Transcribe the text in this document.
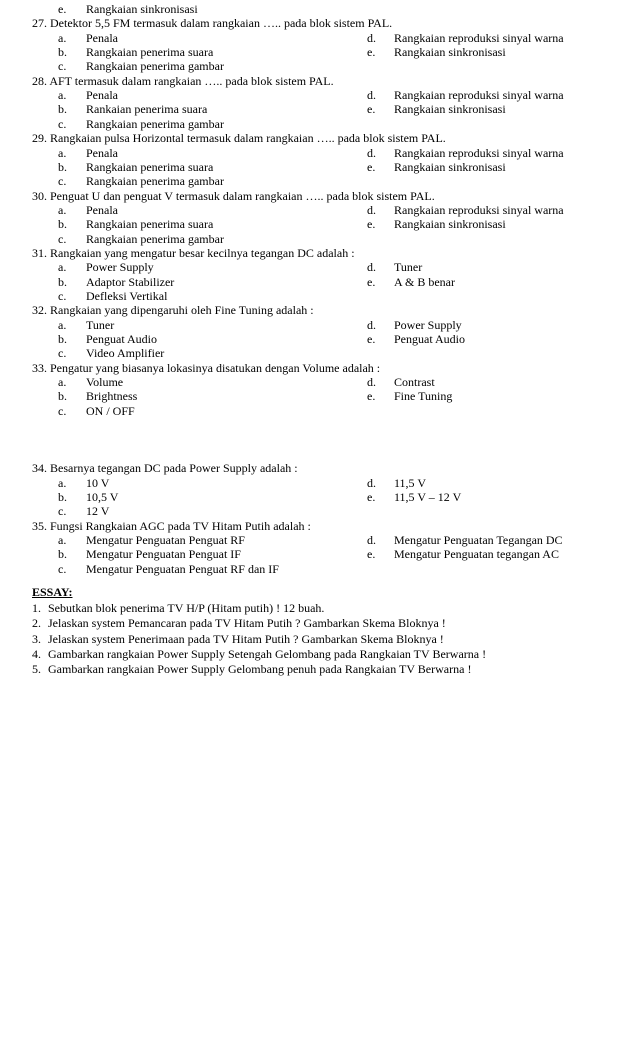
e. Rangkaian sinkronisasi
27. Detektor 5,5 FM termasuk dalam rangkaian ….. pada blok sistem PAL.
a. Penala	d. Rangkaian reproduksi sinyal warna
b. Rangkaian penerima suara	e. Rangkaian sinkronisasi
c. Rangkaian penerima gambar
28. AFT termasuk dalam rangkaian ….. pada blok sistem PAL.
a. Penala	d. Rangkaian reproduksi sinyal warna
b. Rankaian penerima suara	e. Rangkaian sinkronisasi
c. Rangkaian penerima gambar
29. Rangkaian pulsa Horizontal termasuk dalam rangkaian ….. pada blok sistem PAL.
a. Penala	d. Rangkaian reproduksi sinyal warna
b. Rangkaian penerima suara	e. Rangkaian sinkronisasi
c. Rangkaian penerima gambar
30. Penguat U dan penguat V termasuk dalam rangkaian ….. pada blok sistem PAL.
a. Penala	d. Rangkaian reproduksi sinyal warna
b. Rangkaian penerima suara	e. Rangkaian sinkronisasi
c. Rangkaian penerima gambar
31. Rangkaian yang mengatur besar kecilnya tegangan DC adalah :
a. Power Supply	d. Tuner
b. Adaptor Stabilizer	e. A & B benar
c. Defleksi Vertikal
32. Rangkaian yang dipengaruhi oleh Fine Tuning adalah :
a. Tuner	d. Power Supply
b. Penguat Audio	e. Penguat Audio
c. Video Amplifier
33. Pengatur yang biasanya lokasinya disatukan dengan Volume adalah :
a. Volume	d. Contrast
b. Brightness	e. Fine Tuning
c. ON / OFF
34. Besarnya tegangan DC pada Power Supply adalah :
a. 10 V	d. 11,5 V
b. 10,5 V	e. 11,5 V – 12 V
c. 12 V
35. Fungsi Rangkaian AGC pada TV Hitam Putih adalah :
a. Mengatur Penguatan Penguat RF	d. Mengatur Penguatan Tegangan DC
b. Mengatur Penguatan Penguat IF	e. Mengatur Penguatan tegangan AC
c. Mengatur Penguatan Penguat RF dan IF
ESSAY:
1. Sebutkan blok penerima TV H/P (Hitam putih) ! 12 buah.
2. Jelaskan system Pemancaran pada TV Hitam Putih ? Gambarkan Skema Bloknya !
3. Jelaskan system Penerimaan pada TV Hitam Putih ? Gambarkan Skema Bloknya !
4. Gambarkan rangkaian Power Supply Setengah Gelombang pada Rangkaian TV Berwarna !
5. Gambarkan rangkaian Power Supply Gelombang penuh pada Rangkaian TV Berwarna !
